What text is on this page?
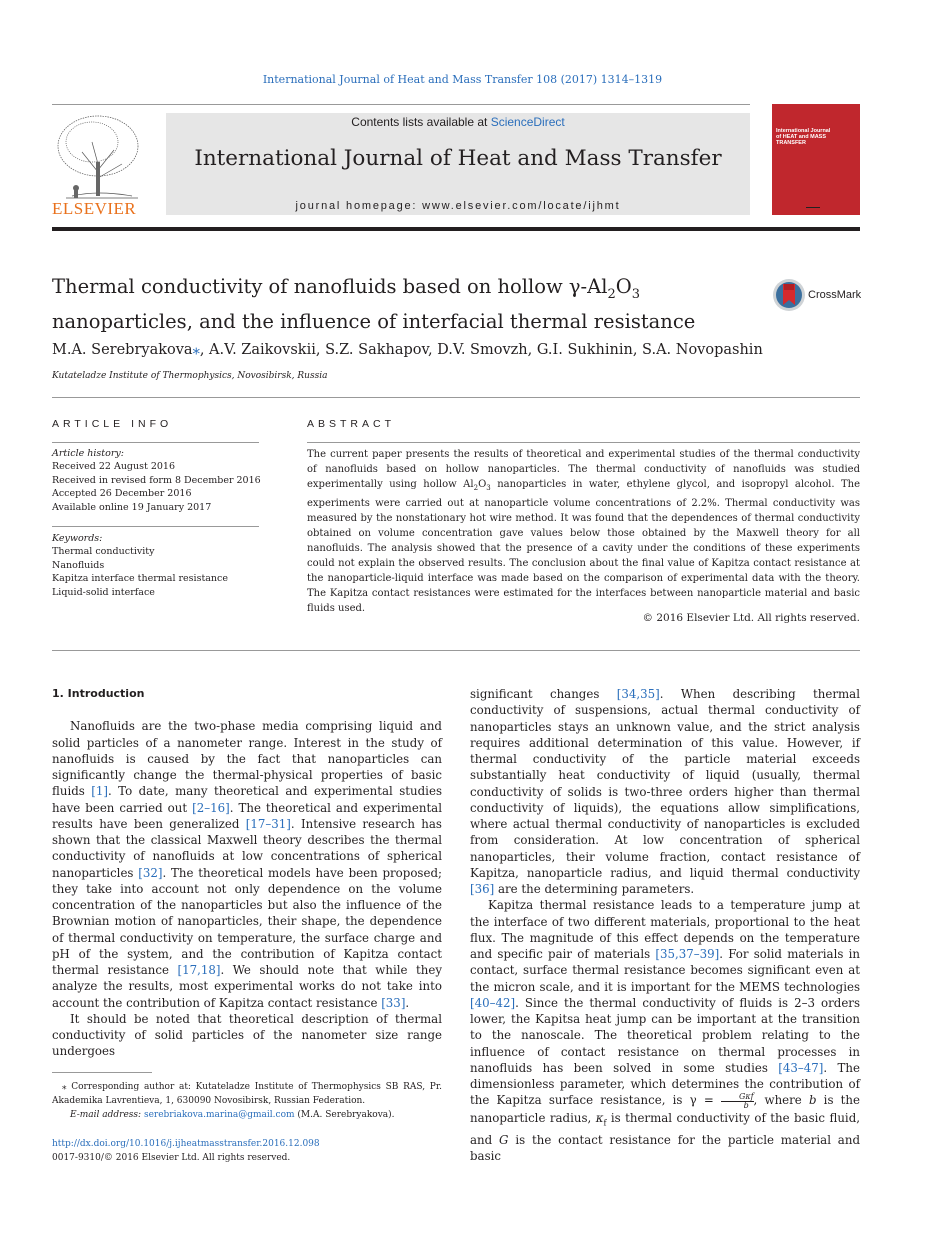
International Journal of Heat and Mass Transfer 108 (2017) 1314–1319
ELSEVIER
Contents lists available at ScienceDirect
International Journal of Heat and Mass Transfer
journal homepage: www.elsevier.com/locate/ijhmt
International Journal of HEAT and MASS TRANSFER
Thermal conductivity of nanofluids based on hollow $\gamma-Al_2O_3$
nanoparticles, and the influence of interfacial thermal resistance
CrossMark
M.A. Serebryakova⁎, A.V. Zaikovskii, S.Z. Sakhapov, D.V. Smovzh, G.I. Sukhinin, S.A. Novopashin
Kutateladze Institute of Thermophysics, Novosibirsk, Russia
ARTICLE INFO
Article history:
Received 22 August 2016
Received in revised form 8 December 2016
Accepted 26 December 2016
Available online 19 January 2017
Keywords:
Thermal conductivity
Nanofluids
Kapitza interface thermal resistance
Liquid-solid interface
ABSTRACT
The current paper presents the results of theoretical and experimental studies of the thermal conductivity of nanofluids based on hollow nanoparticles. The thermal conductivity of nanofluids was studied experimentally using hollow $Al_2O_3$ nanoparticles in water, ethylene glycol, and isopropyl alcohol. The experiments were carried out at nanoparticle volume concentrations of 2.2%. Thermal conductivity was measured by the nonstationary hot wire method. It was found that the dependences of thermal conductivity obtained on volume concentration gave values below those obtained by the Maxwell theory for all nanofluids. The analysis showed that the presence of a cavity under the conditions of these experiments could not explain the observed results. The conclusion about the final value of Kapitza contact resistance at the nanoparticle-liquid interface was made based on the comparison of experimental data with the theory. The Kapitza contact resistances were estimated for the interfaces between nanoparticle material and basic fluids used.
© 2016 Elsevier Ltd. All rights reserved.

1. Introduction

Nanofluids are the two-phase media comprising liquid and solid particles of a nanometer range. Interest in the study of nanofluids is caused by the fact that nanoparticles can significantly change the thermal-physical properties of basic fluids [1]. To date, many theoretical and experimental studies have been carried out [2–16]. The theoretical and experimental results have been generalized [17–31]. Intensive research has shown that the classical Maxwell theory describes the thermal conductivity of nanofluids at low concentrations of spherical nanoparticles [32]. The theoretical models have been proposed; they take into account not only dependence on the volume concentration of the nanoparticles but also the influence of the Brownian motion of nanoparticles, their shape, the dependence of thermal conductivity on temperature, the surface charge and pH of the system, and the contribution of Kapitza contact thermal resistance [17,18]. We should note that while they analyze the results, most experimental works do not take into account the contribution of Kapitza contact resistance [33].

It should be noted that theoretical description of thermal conductivity of solid particles of the nanometer size range undergoes

⁎ Corresponding author at: Kutateladze Institute of Thermophysics SB RAS, Pr. Akademika Lavrentieva, 1, 630090 Novosibirsk, Russian Federation.
E-mail address: serebriakova.marina@gmail.com (M.A. Serebryakova).
http://dx.doi.org/10.1016/j.ijheatmasstransfer.2016.12.098
0017-9310/© 2016 Elsevier Ltd. All rights reserved.

significant changes [34,35]. When describing thermal conductivity of suspensions, actual thermal conductivity of nanoparticles stays an unknown value, and the strict analysis requires additional determination of this value. However, if thermal conductivity of the particle material exceeds substantially heat conductivity of liquid (usually, thermal conductivity of solids is two-three orders higher than thermal conductivity of liquids), the equations allow simplifications, where actual thermal conductivity of nanoparticles is excluded from consideration. At low concentration of spherical nanoparticles, their volume fraction, contact resistance of Kapitza, nanoparticle radius, and liquid thermal conductivity [36] are the determining parameters.

Kapitza thermal resistance leads to a temperature jump at the interface of two different materials, proportional to the heat flux. The magnitude of this effect depends on the temperature and specific pair of materials [35,37–39]. For solid materials in contact, surface thermal resistance becomes significant even at the micron scale, and it is important for the MEMS technologies [40–42]. Since the thermal conductivity of fluids is 2–3 orders lower, the Kapitsa heat jump can be important at the transition to the nanoscale. The theoretical problem relating to the influence of contact resistance on thermal processes in nanofluids has been solved in some studies [43–47]. The dimensionless parameter, which determines the contribution of the Kapitza surface resistance, is γ =	Gκf
b , where b is the nanoparticle radius, $\kappa_f$ is thermal conductivity of the basic fluid, and G is the contact resistance for the particle material and basic
